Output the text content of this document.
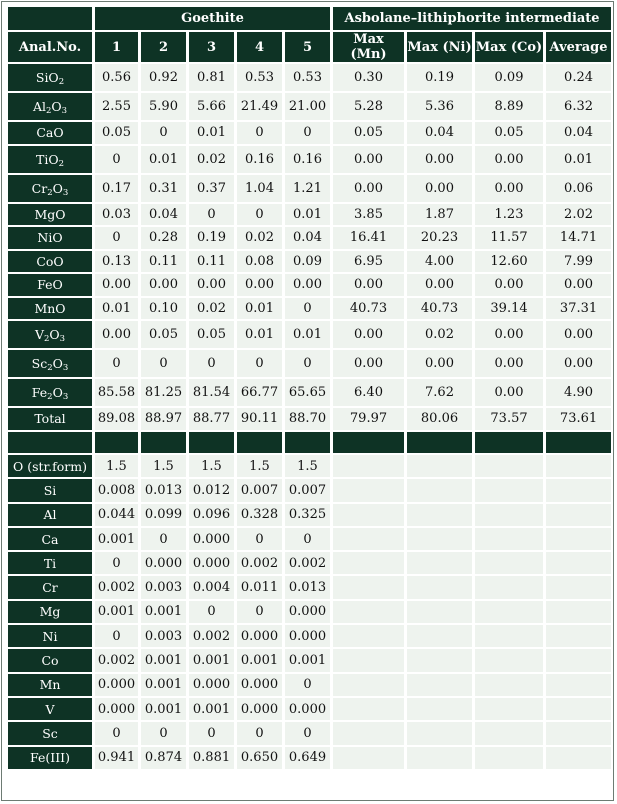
	Goethite					Asbolane–lithiphorite intermediate			
Anal.No.	1	2	3	4	5	Max (Mn)	Max (Ni)	Max (Co)	Average
SiO$_2$	0.56	0.92	0.81	0.53	0.53	0.30	0.19	0.09	0.24
$Al_2O_3$	2.55	5.90	5.66	21.49	21.00	5.28	5.36	8.89	6.32
CaO	0.05	0	0.01	0	0	0.05	0.04	0.05	0.04
TiO$_2$	0	0.01	0.02	0.16	0.16	0.00	0.00	0.00	0.01
$Cr_2O_3$	0.17	0.31	0.37	1.04	1.21	0.00	0.00	0.00	0.06
MgO	0.03	0.04	0	0	0.01	3.85	1.87	1.23	2.02
NiO	0	0.28	0.19	0.02	0.04	16.41	20.23	11.57	14.71
CoO	0.13	0.11	0.11	0.08	0.09	6.95	4.00	12.60	7.99
FeO	0.00	0.00	0.00	0.00	0.00	0.00	0.00	0.00	0.00
MnO	0.01	0.10	0.02	0.01	0	40.73	40.73	39.14	37.31
$V_2O_3$	0.00	0.05	0.05	0.01	0.01	0.00	0.02	0.00	0.00
$Sc_2O_3$	0	0	0	0	0	0.00	0.00	0.00	0.00
$Fe_2O_3$	85.58	81.25	81.54	66.77	65.65	6.40	7.62	0.00	4.90
Total	89.08	88.97	88.77	90.11	88.70	79.97	80.06	73.57	73.61

O (str.form)	1.5	1.5	1.5	1.5	1.5				
Si	0.008	0.013	0.012	0.007	0.007				
Al	0.044	0.099	0.096	0.328	0.325				
Ca	0.001	0	0.000	0	0				
Ti	0	0.000	0.000	0.002	0.002				
Cr	0.002	0.003	0.004	0.011	0.013				
Mg	0.001	0.001	0	0	0.000				
Ni	0	0.003	0.002	0.000	0.000				
Co	0.002	0.001	0.001	0.001	0.001				
Mn	0.000	0.001	0.000	0.000	0				
V	0.000	0.001	0.001	0.000	0.000				
Sc	0	0	0	0	0				
Fe(III)	0.941	0.874	0.881	0.650	0.649				
